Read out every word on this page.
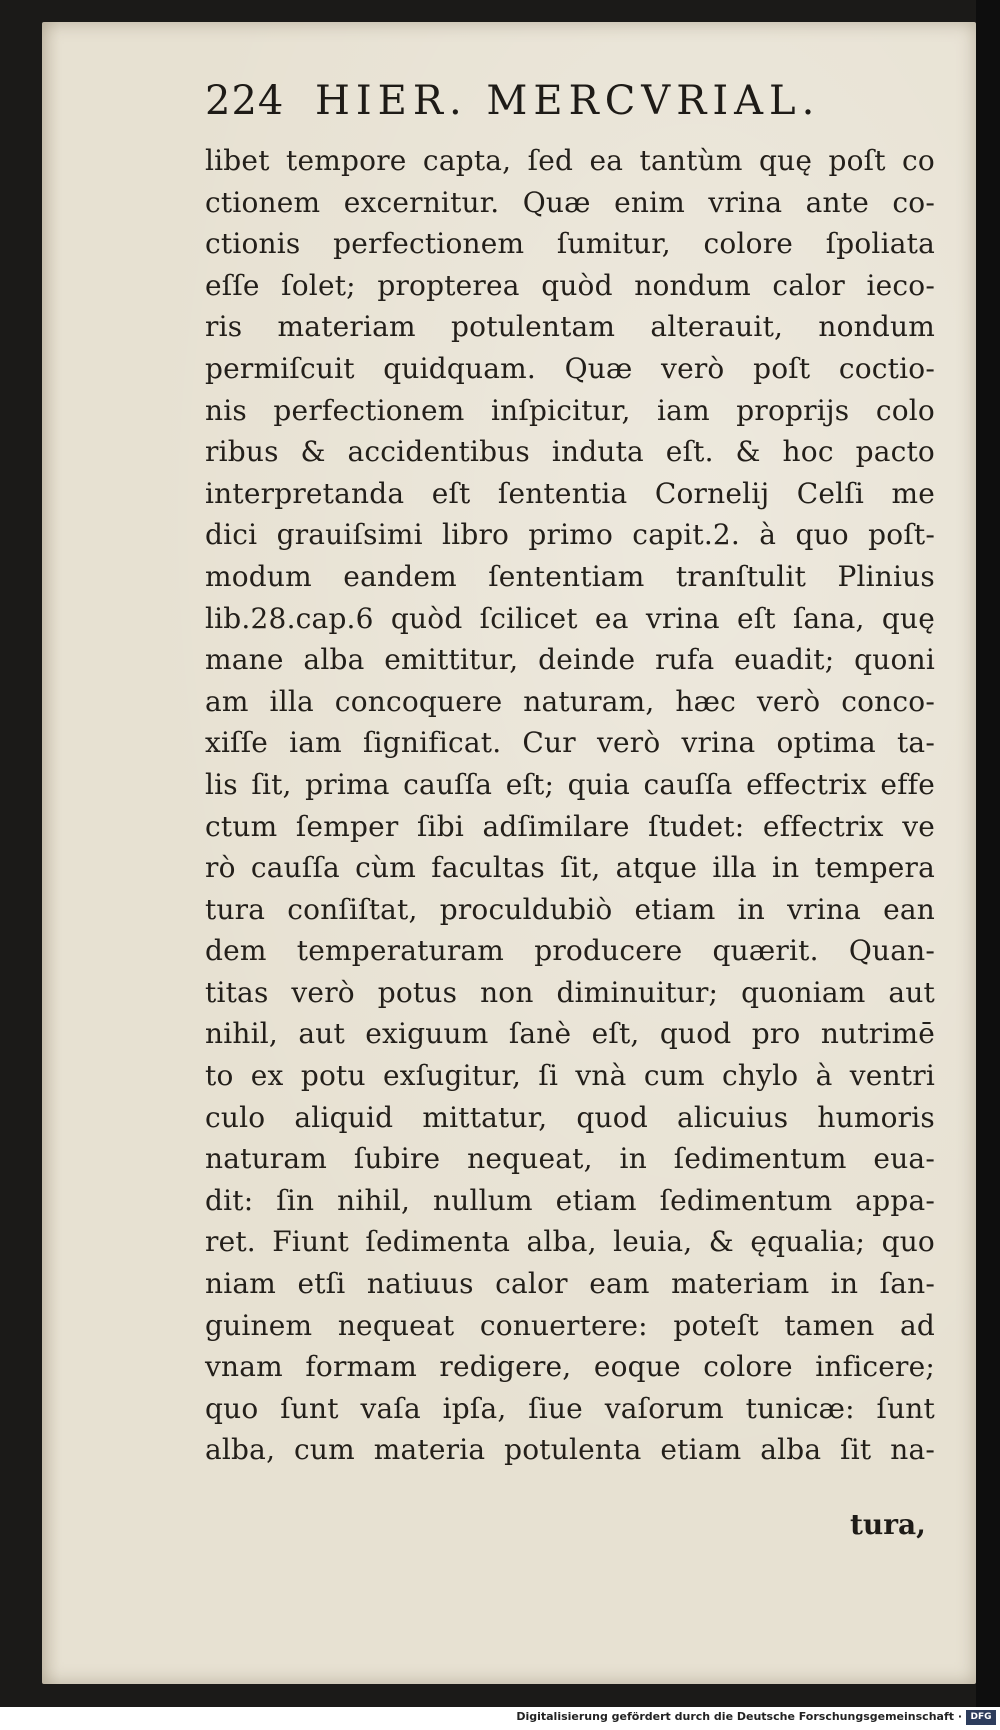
224 HIER. MERCVRIAL.
libet tempore capta, ſed ea tantùm quę poſt co
ctionem excernitur. Quæ enim vrina ante co-
ctionis perfectionem ſumitur, colore ſpoliata
eſſe ſolet; propterea quòd nondum calor ieco-
ris materiam potulentam alterauit, nondum
permiſcuit quidquam. Quæ verò poſt coctio-
nis perfectionem inſpicitur, iam proprijs colo
ribus & accidentibus induta eſt. & hoc pacto
interpretanda eſt ſententia Cornelij Celſi me
dici grauiſsimi libro primo capit.2. à quo poſt-
modum eandem ſententiam tranſtulit Plinius
lib.28.cap.6 quòd ſcilicet ea vrina eſt ſana, quę
mane alba emittitur, deinde rufa euadit; quoni
am illa concoquere naturam, hæc verò conco-
xiſſe iam ſignificat. Cur verò vrina optima ta-
lis ſit, prima cauſſa eſt; quia cauſſa effectrix effe
ctum ſemper ſibi adſimilare ſtudet: effectrix ve
rò cauſſa cùm facultas ſit, atque illa in tempera
tura conſiſtat, proculdubiò etiam in vrina ean
dem temperaturam producere quærit. Quan-
titas verò potus non diminuitur; quoniam aut
nihil, aut exiguum ſanè eſt, quod pro nutrimē
to ex potu exſugitur, ſi vnà cum chylo à ventri
culo aliquid mittatur, quod alicuius humoris
naturam ſubire nequeat, in ſedimentum eua-
dit: ſin nihil, nullum etiam ſedimentum appa-
ret. Fiunt ſedimenta alba, leuia, & ęqualia; quo
niam etſi natiuus calor eam materiam in ſan-
guinem nequeat conuertere: poteſt tamen ad
vnam formam redigere, eoque colore inficere;
quo ſunt vaſa ipſa, ſiue vaſorum tunicæ: ſunt
alba, cum materia potulenta etiam alba ſit na-
tura,
Digitalisierung gefördert durch die Deutsche Forschungsgemeinschaft · DFG
